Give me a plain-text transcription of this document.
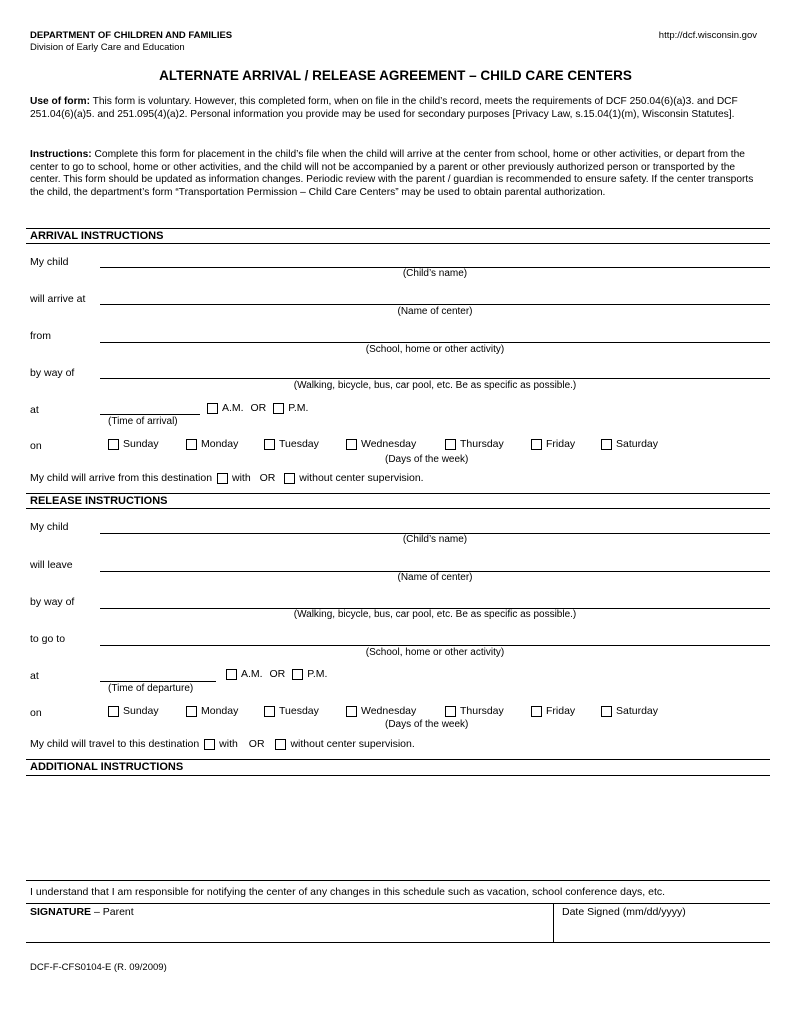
DEPARTMENT OF CHILDREN AND FAMILIES
Division of Early Care and Education
http://dcf.wisconsin.gov
ALTERNATE ARRIVAL / RELEASE AGREEMENT – CHILD CARE CENTERS
Use of form: This form is voluntary. However, this completed form, when on file in the child’s record, meets the requirements of DCF 250.04(6)(a)3. and DCF 251.04(6)(a)5. and 251.095(4)(a)2. Personal information you provide may be used for secondary purposes [Privacy Law, s.15.04(1)(m), Wisconsin Statutes].
Instructions: Complete this form for placement in the child’s file when the child will arrive at the center from school, home or other activities, or depart from the center to go to school, home or other activities, and the child will not be accompanied by a parent or other previously authorized person or transported by the center. This form should be updated as information changes. Periodic review with the parent / guardian is recommended to ensure safety. If the center transports the child, the department’s form “Transportation Permission – Child Care Centers” may be used to obtain parental authorization.
ARRIVAL INSTRUCTIONS
My child
(Child’s name)
will arrive at
(Name of center)
from
(School, home or other activity)
by way of
(Walking, bicycle, bus, car pool, etc. Be as specific as possible.)
at
(Time of arrival)
A.M. OR P.M.
on	Sunday	Monday	Tuesday	Wednesday	Thursday	Friday	Saturday
(Days of the week)
My child will arrive from this destination with OR without center supervision.
RELEASE INSTRUCTIONS
My child
(Child’s name)
will leave
(Name of center)
by way of
(Walking, bicycle, bus, car pool, etc. Be as specific as possible.)
to go to
(School, home or other activity)
at
(Time of departure)
A.M. OR P.M.
on	Sunday	Monday	Tuesday	Wednesday	Thursday	Friday	Saturday
(Days of the week)
My child will travel to this destination with OR without center supervision.
ADDITIONAL INSTRUCTIONS
I understand that I am responsible for notifying the center of any changes in this schedule such as vacation, school conference days, etc.
SIGNATURE – Parent	Date Signed (mm/dd/yyyy)
DCF-F-CFS0104-E (R. 09/2009)
